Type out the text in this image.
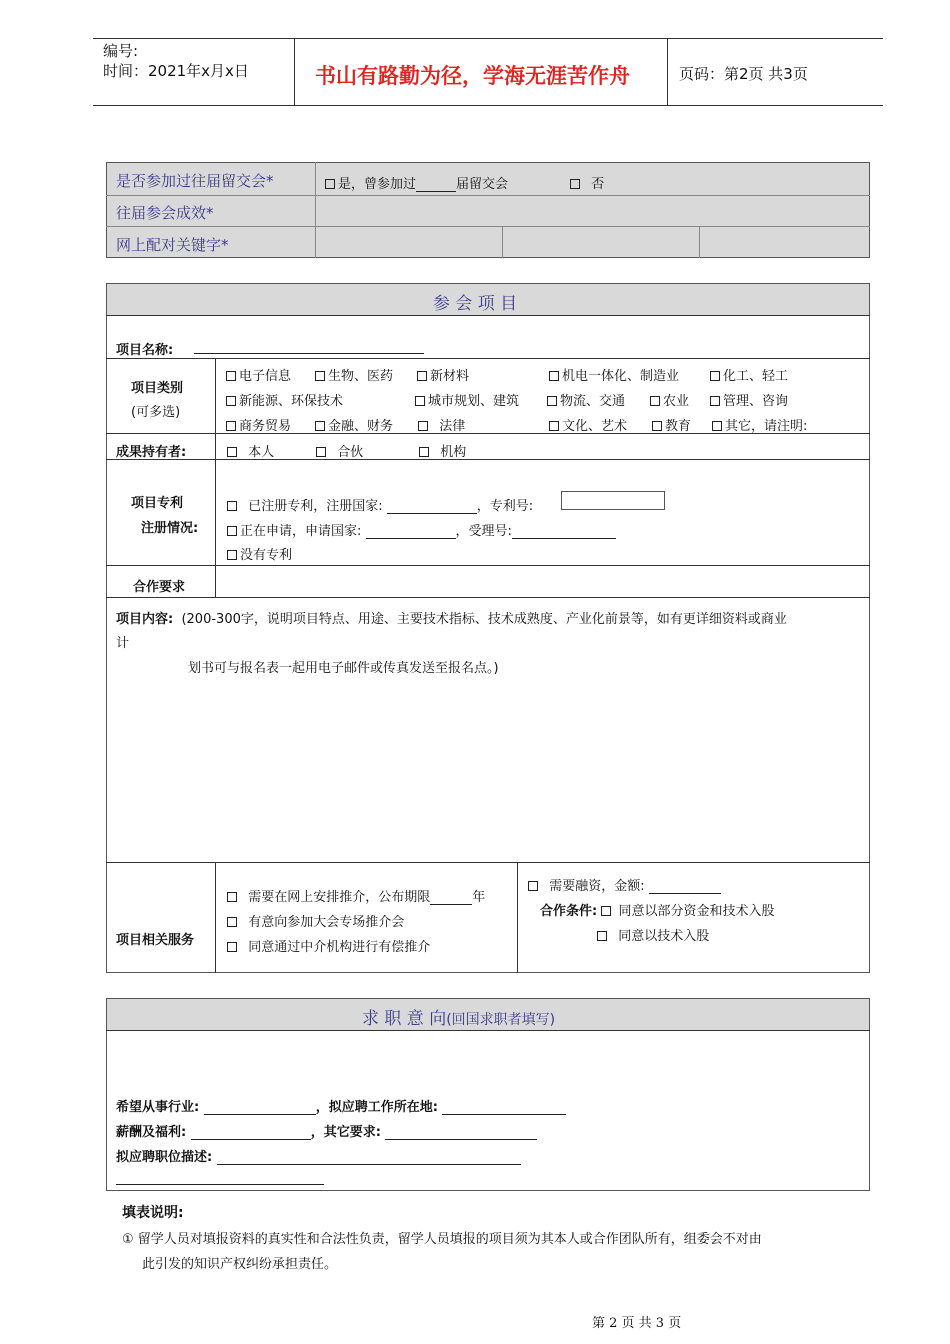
编号:
时间：2021年x月x日	书山有路勤为径，学海无涯苦作舟	页码：第2页 共3页
是否参加过往届留交会*	是，曾参加过	届留交会	否
往届参会成效*
网上配对关键字*
参 会 项 目
项目名称:
项目类别
(可多选)
电子信息	生物、医药	新材料	机电一体化、制造业	化工、轻工
新能源、环保技术	城市规划、建筑	物流、交通	农业	管理、咨询
商务贸易	金融、财务	法律	文化、艺术	教育	其它，请注明:
成果持有者:	本人	合伙	机构
项目专利
注册情况:
已注册专利，注册国家:	，专利号:
正在申请，申请国家:	，受理号:
没有专利
合作要求
项目内容: (200-300字，说明项目特点、用途、主要技术指标、技术成熟度、产业化前景等，如有更详细资料或商业
计
划书可与报名表一起用电子邮件或传真发送至报名点。)
项目相关服务
需要在网上安排推介，公布期限	年
有意向参加大会专场推介会
同意通过中介机构进行有偿推介
需要融资，金额:
合作条件: 同意以部分资金和技术入股
同意以技术入股
求 职 意 向(回国求职者填写)
希望从事行业:	，拟应聘工作所在地:
薪酬及福利:	，其它要求:
拟应聘职位描述:
填表说明:
① 留学人员对填报资料的真实性和合法性负责，留学人员填报的项目须为其本人或合作团队所有，组委会不对由
此引发的知识产权纠纷承担责任。
第 2 页 共 3 页
